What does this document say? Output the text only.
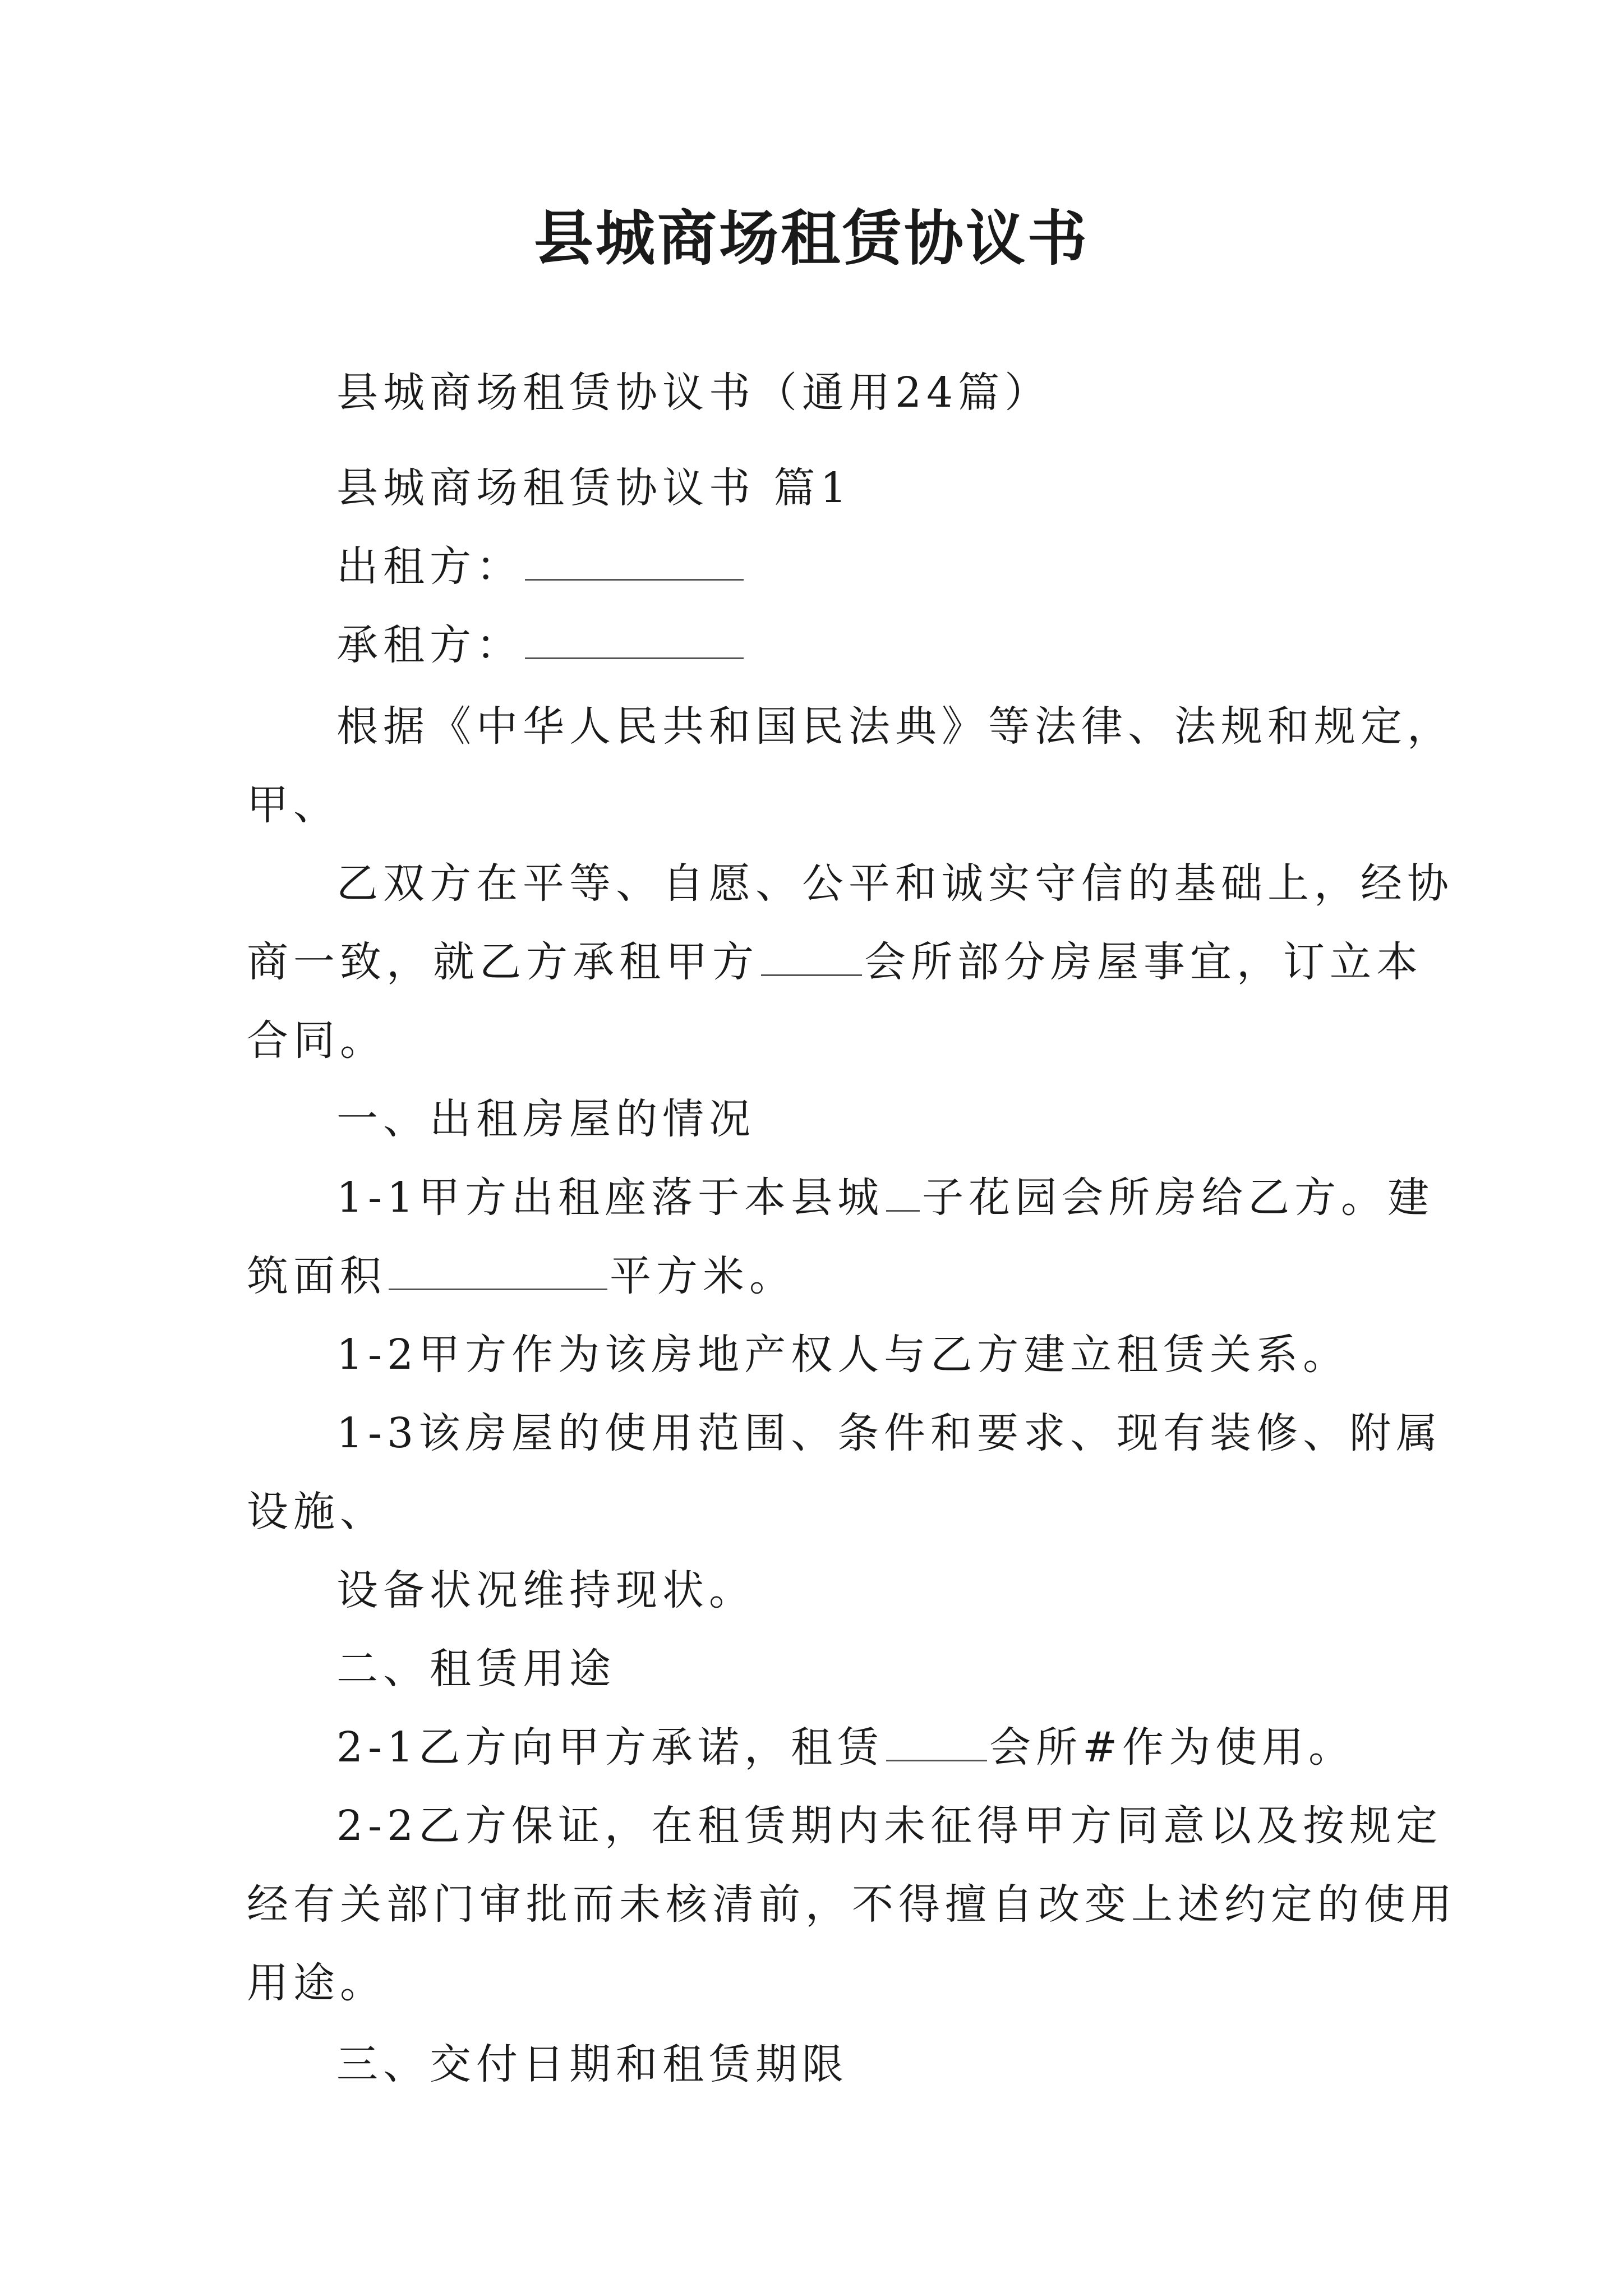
县城商场租赁协议书
县城商场租赁协议书（通用24篇）
县城商场租赁协议书 篇1
出租方：
承租方：
根据《中华人民共和国民法典》等法律、法规和规定，
甲、
乙双方在平等、自愿、公平和诚实守信的基础上，经协
商一致，就乙方承租甲方	会所部分房屋事宜，订立本
合同。
一、出租房屋的情况
1-1甲方出租座落于本县城 子花园会所房给乙方。建
筑面积	平方米。
1-2甲方作为该房地产权人与乙方建立租赁关系。
1-3该房屋的使用范围、条件和要求、现有装修、附属
设施、
设备状况维持现状。
二、租赁用途
2-1乙方向甲方承诺，租赁	会所#作为使用。
2-2乙方保证，在租赁期内未征得甲方同意以及按规定
经有关部门审批而未核清前，不得擅自改变上述约定的使用
用途。
三、交付日期和租赁期限
